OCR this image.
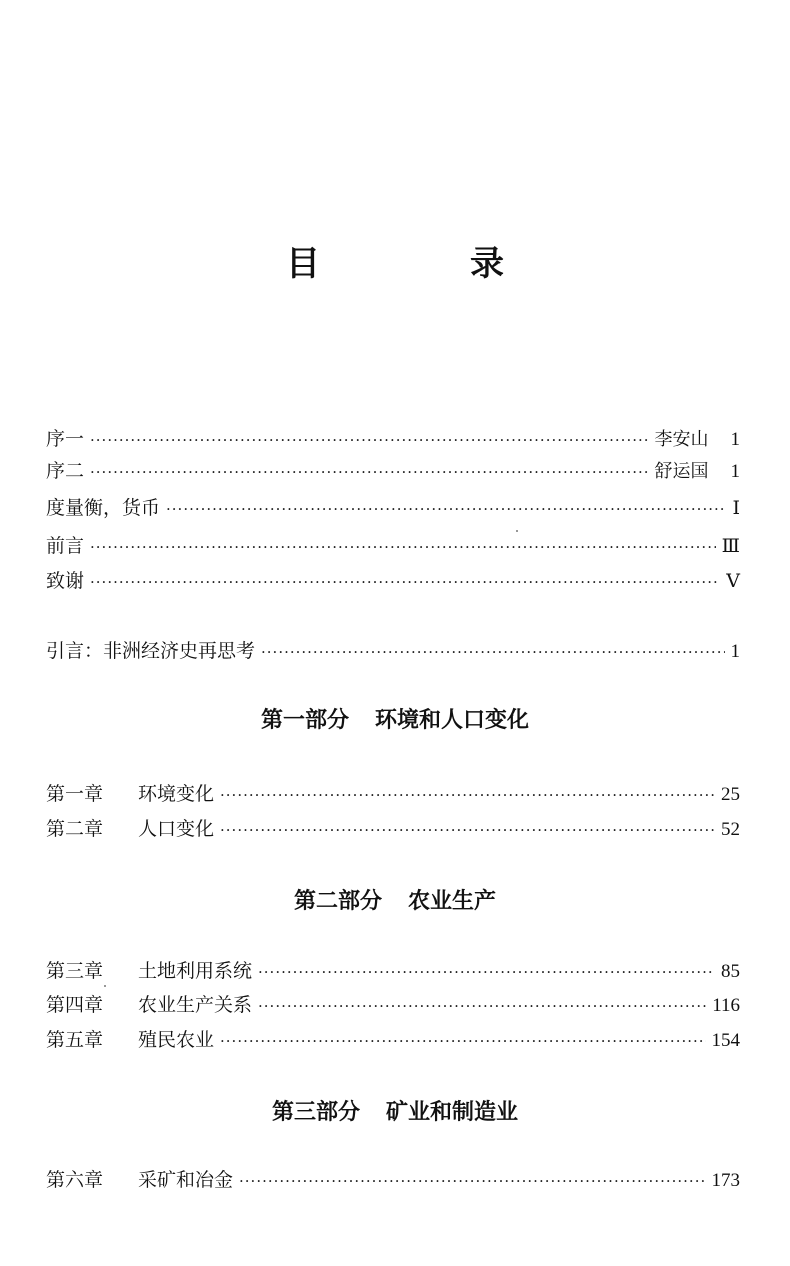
目　录
序一 ·····	李安山 1
序二 ·····	舒运国 1
度量衡，货币 ·····	Ⅰ
前言 ·····	Ⅲ
致谢 ·····	Ⅴ
引言：非洲经济史再思考 ·····	1
第一部分 环境和人口变化
第一章 环境变化 ·····	25
第二章 人口变化 ·····	52
第二部分 农业生产
第三章 土地利用系统 ·····	85
第四章 农业生产关系 ·····	116
第五章 殖民农业 ·····	154
第三部分 矿业和制造业
第六章 采矿和冶金 ·····	173
